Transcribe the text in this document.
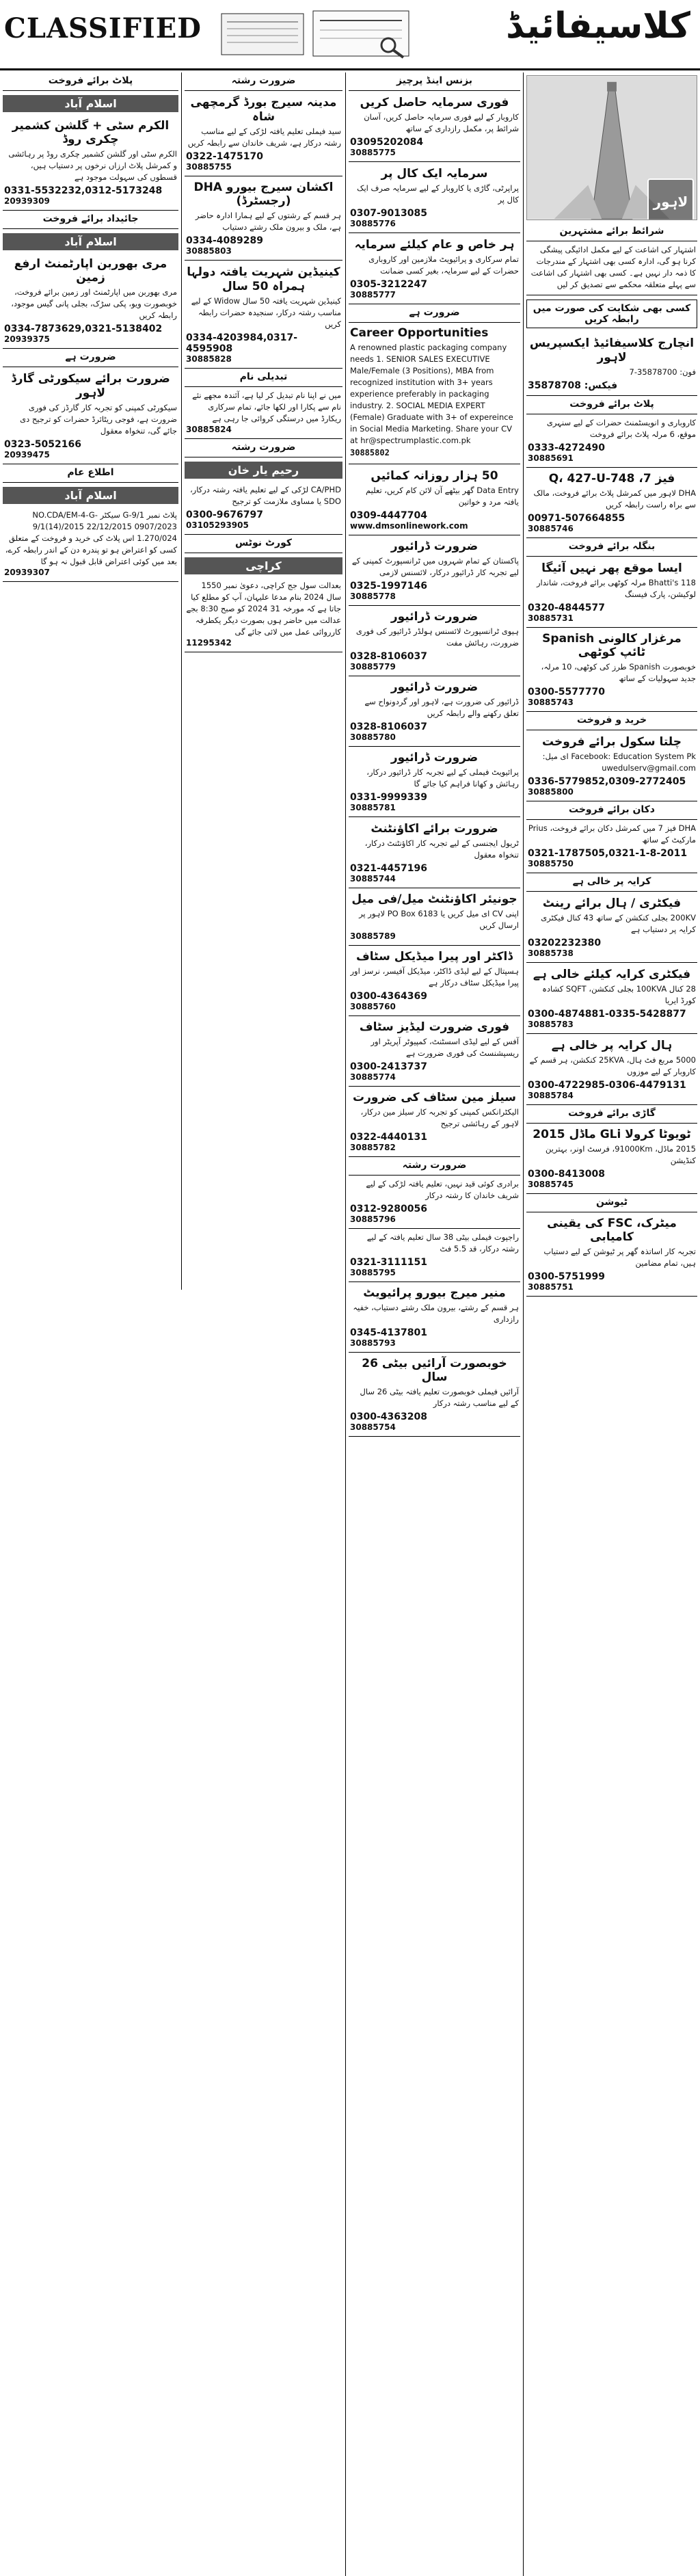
CLASSIFIED	کلاسیفائیڈ
پلاٹ برائے فروخت
اسلام آباد
الکرم سٹی + گلشن کشمیر چکری روڈ
الکرم سٹی اور گلشن کشمیر چکری روڈ پر رہائشی و کمرشل پلاٹ ارزاں نرخوں پر دستیاب ہیں، قسطوں کی سہولت موجود ہے
0331-5532232,0312-5173248
20939309
جائیداد برائے فروخت
اسلام آباد
مری بھوربن اپارٹمنٹ ارفع زمین
مری بھوربن میں اپارٹمنٹ اور زمین برائے فروخت، خوبصورت ویو، پکی سڑک، بجلی پانی گیس موجود، رابطہ کریں
0334-7873629,0321-5138402
20939375
ضرورت ہے
ضرورت برائے سیکورٹی گارڈ لاہور
سیکورٹی کمپنی کو تجربہ کار گارڈز کی فوری ضرورت ہے، فوجی ریٹائرڈ حضرات کو ترجیح دی جائے گی، تنخواہ معقول
0323-5052166
20939475
اطلاع عام
اسلام آباد
پلاٹ نمبر G-9/1 سیکٹر NO.CDA/EM-4-G-9/1(14)/2015 22/12/2015 0907/2023 1.270/024 اس پلاٹ کی خرید و فروخت کے متعلق کسی کو اعتراض ہو تو پندرہ دن کے اندر رابطہ کرے، بعد میں کوئی اعتراض قابل قبول نہ ہو گا
20939307
ضرورت رشتہ
مدینہ سیرج بورڈ گرمچھی شاہ
سید فیملی تعلیم یافتہ لڑکی کے لیے مناسب رشتہ درکار ہے، شریف خاندان سے رابطہ کریں
0322-1475170
30885755
اکشان سیرج بیورو DHA (رجسٹرڈ)
ہر قسم کے رشتوں کے لیے ہمارا ادارہ حاضر ہے، ملک و بیرون ملک رشتے دستیاب
0334-4089289
30885803
کینیڈین شہریت یافتہ دولہا ہمراہ 50 سال
کینیڈین شہریت یافتہ 50 سال Widow کے لیے مناسب رشتہ درکار، سنجیدہ حضرات رابطہ کریں
0334-4203984,0317-4595908
30885828
تبدیلی نام
میں نے اپنا نام تبدیل کر لیا ہے، آئندہ مجھے نئے نام سے پکارا اور لکھا جائے، تمام سرکاری ریکارڈ میں درستگی کروائی جا رہی ہے
30885824
ضرورت رشتہ
رحیم یار خان
CA/PHD لڑکی کے لیے تعلیم یافتہ رشتہ درکار، SDO یا مساوی ملازمت کو ترجیح
0300-9676797
03105293905
کورٹ نوٹس
کراچی
بعدالت سول جج کراچی، دعویٰ نمبر 1550 سال 2024 بنام مدعا علیہان، آپ کو مطلع کیا جاتا ہے کہ مورخہ 31 2024 کو صبح 8:30 بجے عدالت میں حاضر ہوں بصورت دیگر یکطرفہ کارروائی عمل میں لائی جائے گی
11295342
بزنس اینڈ پرچیز
فوری سرمایہ حاصل کریں
کاروبار کے لیے فوری سرمایہ حاصل کریں، آسان شرائط پر، مکمل رازداری کے ساتھ
03095202084
30885775
سرمایہ ایک کال پر
پراپرٹی، گاڑی یا کاروبار کے لیے سرمایہ صرف ایک کال پر
0307-9013085
30885776
ہر خاص و عام کیلئے سرمایہ
تمام سرکاری و پرائیویٹ ملازمین اور کاروباری حضرات کے لیے سرمایہ، بغیر کسی ضمانت
0305-3212247
30885777
ضرورت ہے
Career Opportunities
A renowned plastic packaging company needs 1. SENIOR SALES EXECUTIVE Male/Female (3 Positions), MBA from recognized institution with 3+ years experience preferably in packaging industry. 2. SOCIAL MEDIA EXPERT (Female) Graduate with 3+ of expereince in Social Media Marketing. Share your CV at hr@spectrumplastic.com.pk
30885802
50 ہزار روزانہ کمائیں
Data Entry گھر بیٹھے آن لائن کام کریں، تعلیم یافتہ مرد و خواتین
0309-4447704
www.dmsonlinework.com
ضرورت ڈرائیور
پاکستان کے تمام شہروں میں ٹرانسپورٹ کمپنی کے لیے تجربہ کار ڈرائیور درکار، لائسنس لازمی
0325-1997146
30885778
ضرورت ڈرائیور
ہیوی ٹرانسپورٹ لائسنس ہولڈر ڈرائیور کی فوری ضرورت، رہائش مفت
0328-8106037
30885779
ضرورت ڈرائیور
ڈرائیور کی ضرورت ہے، لاہور اور گردونواح سے تعلق رکھنے والے رابطہ کریں
0328-8106037
30885780
ضرورت ڈرائیور
پرائیویٹ فیملی کے لیے تجربہ کار ڈرائیور درکار، رہائش و کھانا فراہم کیا جائے گا
0331-9999339
30885781
ضرورت برائے اکاؤنٹنٹ
ٹریول ایجنسی کے لیے تجربہ کار اکاؤنٹنٹ درکار، تنخواہ معقول
0321-4457196
30885744
جونیئر اکاؤنٹنٹ میل/فی میل
اپنی CV ای میل کریں یا PO Box 6183 لاہور پر ارسال کریں
30885789
ڈاکٹر اور پیرا میڈیکل سٹاف
ہسپتال کے لیے لیڈی ڈاکٹر، میڈیکل آفیسر، نرسز اور پیرا میڈیکل سٹاف درکار ہے
0300-4364369
30885760
فوری ضرورت لیڈیز سٹاف
آفس کے لیے لیڈی اسسٹنٹ، کمپیوٹر آپریٹر اور ریسپشنسٹ کی فوری ضرورت ہے
0300-2413737
30885774
سیلز مین سٹاف کی ضرورت
الیکٹرانکس کمپنی کو تجربہ کار سیلز مین درکار، لاہور کے رہائشی ترجیح
0322-4440131
30885782
ضرورت رشتہ
برادری کوئی قید نہیں، تعلیم یافتہ لڑکی کے لیے شریف خاندان کا رشتہ درکار
0312-9280056
30885796
راجپوت فیملی بیٹی 38 سال تعلیم یافتہ کے لیے رشتہ درکار، قد 5.5 فٹ
0321-3111151
30885795
منیر میرج بیورو پرائیویٹ
ہر قسم کے رشتے، بیرون ملک رشتے دستیاب، خفیہ رازداری
0345-4137801
30885793
خوبصورت آرائیں بیٹی 26 سال
آرائیں فیملی خوبصورت تعلیم یافتہ بیٹی 26 سال کے لیے مناسب رشتہ درکار
0300-4363208
30885754
لاہور
شرائط برائے مشتہرین
اشتہار کی اشاعت کے لیے مکمل ادائیگی پیشگی کرنا ہو گی، ادارہ کسی بھی اشتہار کے مندرجات کا ذمہ دار نہیں ہے۔ کسی بھی اشتہار کی اشاعت سے پہلے متعلقہ محکمے سے تصدیق کر لیں
کسی بھی شکایت کی صورت میں رابطہ کریں
انچارج کلاسیفائیڈ ایکسپریس لاہور
فون: 35878700-7
فیکس: 35878708
پلاٹ برائے فروخت
کاروباری و انویسٹمنٹ حضرات کے لیے سنہری موقع، 6 مرلہ پلاٹ برائے فروخت
0333-4272490
30885691
فیز 7، 748-Q، 427-U
DHA لاہور میں کمرشل پلاٹ برائے فروخت، مالک سے براہ راست رابطہ کریں
00971-507664855
30885746
بنگلہ برائے فروخت
ایسا موقع پھر نہیں آئیگا
Bhatti's 118 مرلہ کوٹھی برائے فروخت، شاندار لوکیشن، پارک فیسنگ
0320-4844577
30885731
مرغزار کالونی Spanish ٹائپ کوٹھی
خوبصورت Spanish طرز کی کوٹھی، 10 مرلہ، جدید سہولیات کے ساتھ
0300-5577770
30885743
خرید و فروخت
چلتا سکول برائے فروخت
Facebook: Education System Pk ای میل: uwedulserv@gmail.com
0336-5779852,0309-2772405
30885800
دکان برائے فروخت
DHA فیز 7 میں کمرشل دکان برائے فروخت، Prius مارکیٹ کے ساتھ
0321-1787505,0321-1-8-2011
30885750
کرایہ پر خالی ہے
فیکٹری / ہال برائے رینٹ
200KV بجلی کنکشن کے ساتھ 43 کنال فیکٹری کرایہ پر دستیاب ہے
03202232380
30885738
فیکٹری کرایہ کیلئے خالی ہے
28 کنال 100KVA بجلی کنکشن، SQFT کشادہ کورڈ ایریا
0300-4874881-0335-5428877
30885783
ہال کرایہ پر خالی ہے
5000 مربع فٹ ہال، 25KVA کنکشن، ہر قسم کے کاروبار کے لیے موزوں
0300-4722985-0306-4479131
30885784
گاڑی برائے فروخت
ٹویوٹا کرولا GLi ماڈل 2015
2015 ماڈل، 91000Km، فرسٹ اونر، بہترین کنڈیشن
0300-8413008
30885745
ٹیوشن
میٹرک، FSC کی یقینی کامیابی
تجربہ کار اساتذہ گھر پر ٹیوشن کے لیے دستیاب ہیں، تمام مضامین
0300-5751999
30885751
